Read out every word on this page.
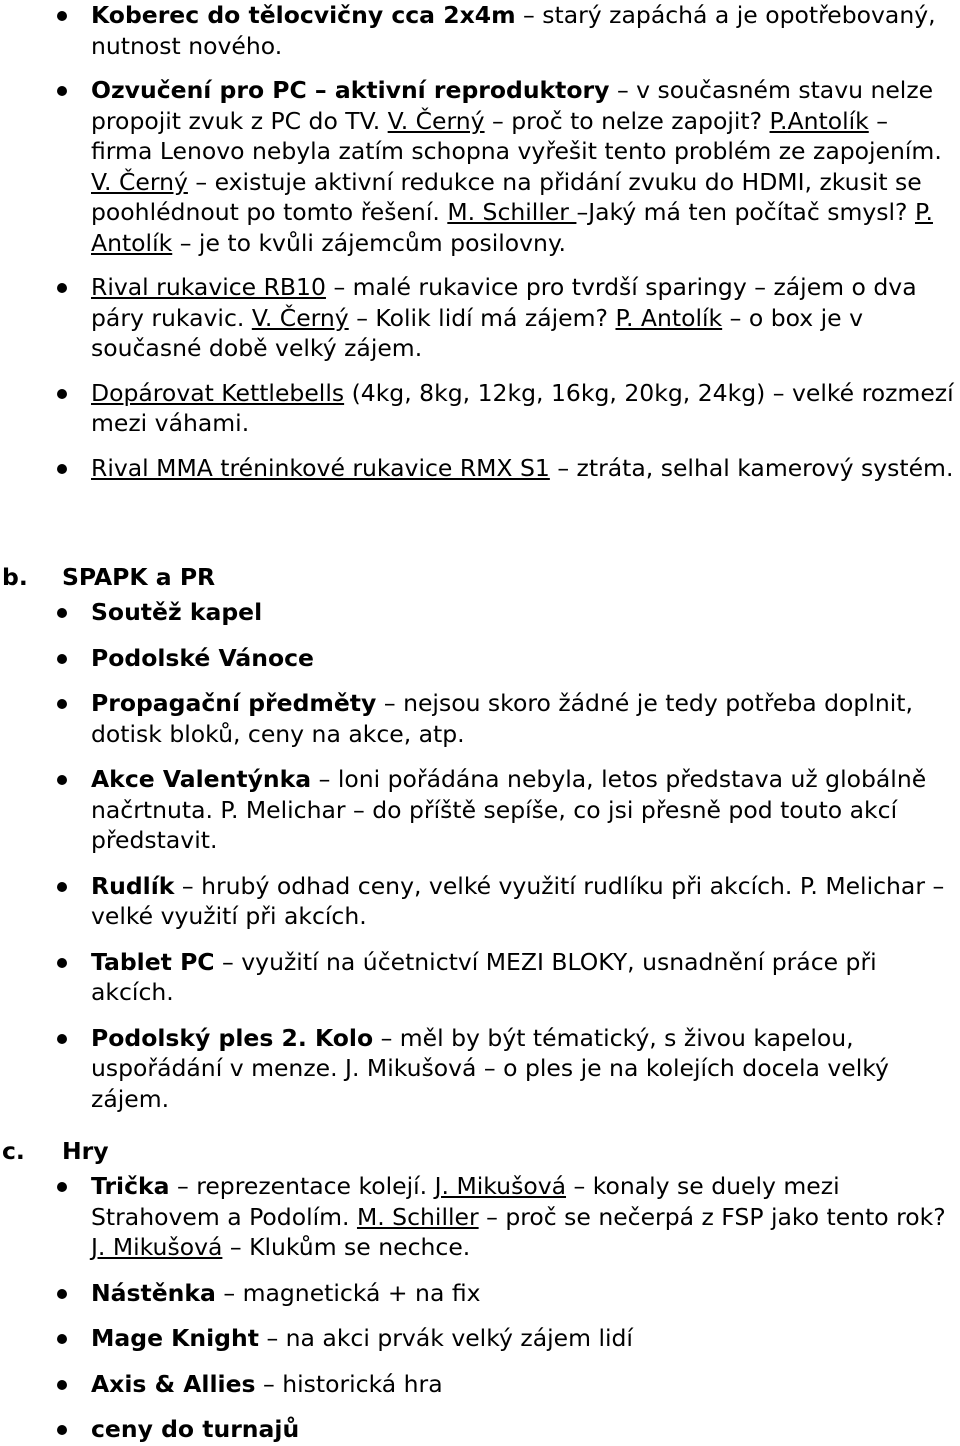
Koberec do tělocvičny cca 2x4m – starý zapáchá a je opotřebovaný, nutnost nového.
Ozvučení pro PC – aktivní reproduktory – v současném stavu nelze propojit zvuk z PC do TV. V. Černý – proč to nelze zapojit? P.Antolík – firma Lenovo nebyla zatím schopna vyřešit tento problém ze zapojením. V. Černý – existuje aktivní redukce na přidání zvuku do HDMI, zkusit se poohlédnout po tomto řešení. M. Schiller –Jaký má ten počítač smysl? P. Antolík – je to kvůli zájemcům posilovny.
Rival rukavice RB10 – malé rukavice pro tvrdší sparingy – zájem o dva páry rukavic. V. Černý – Kolik lidí má zájem? P. Antolík – o box je v současné době velký zájem.
Dopárovat Kettlebells (4kg, 8kg, 12kg, 16kg, 20kg, 24kg) – velké rozmezí mezi váhami.
Rival MMA tréninkové rukavice RMX S1 – ztráta, selhal kamerový systém.
b. SPAPK a PR
Soutěž kapel
Podolské Vánoce
Propagační předměty – nejsou skoro žádné je tedy potřeba doplnit, dotisk bloků, ceny na akce, atp.
Akce Valentýnka – loni pořádána nebyla, letos představa už globálně načrtnuta. P. Melichar – do příště sepíše, co jsi přesně pod touto akcí představit.
Rudlík – hrubý odhad ceny, velké využití rudlíku při akcích. P. Melichar – velké využití při akcích.
Tablet PC – využití na účetnictví MEZI BLOKY, usnadnění práce při akcích.
Podolský ples 2. Kolo – měl by být tématický, s živou kapelou, uspořádání v menze. J. Mikušová – o ples je na kolejích docela velký zájem.
c. Hry
Trička – reprezentace kolejí. J. Mikušová – konaly se duely mezi Strahovem a Podolím. M. Schiller – proč se nečerpá z FSP jako tento rok? J. Mikušová – Klukům se nechce.
Nástěnka – magnetická + na fix
Mage Knight – na akci prvák velký zájem lidí
Axis & Allies – historická hra
ceny do turnajů
